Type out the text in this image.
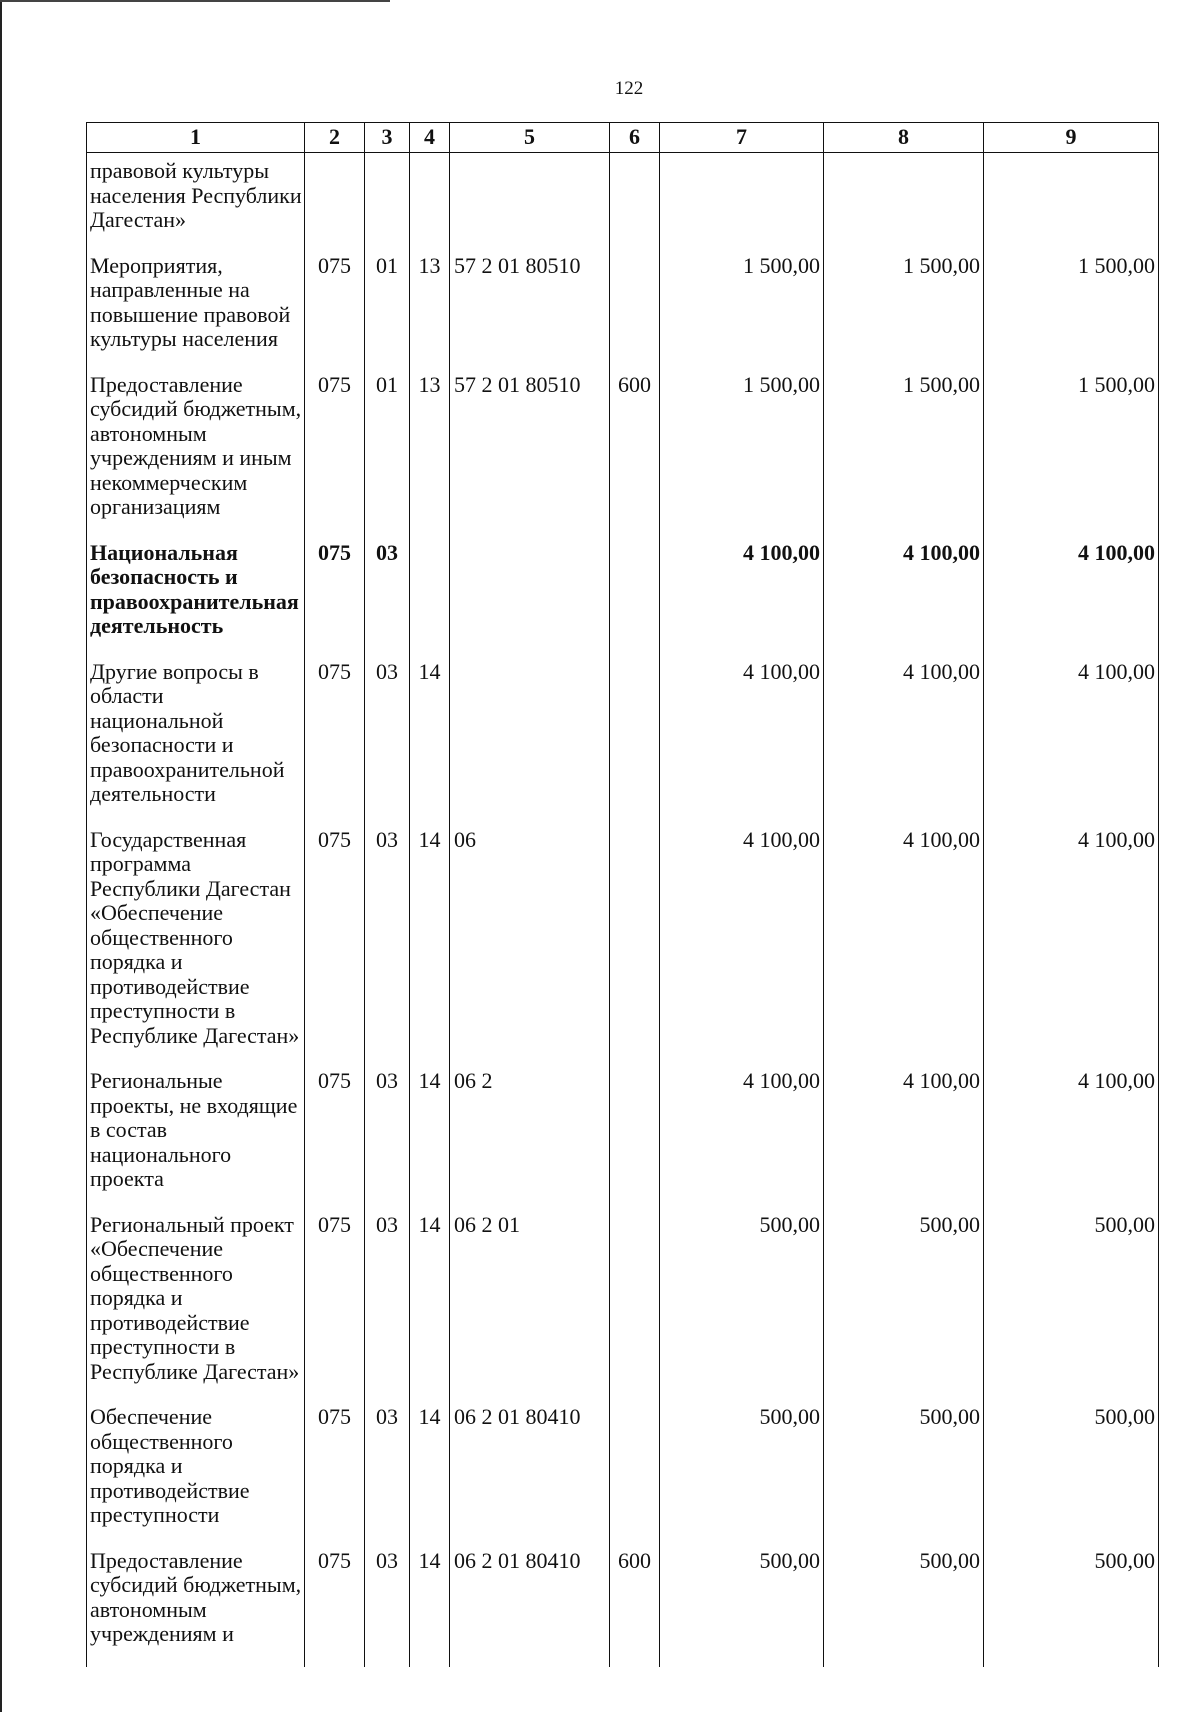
122
1	2	3	4	5	6	7	8	9
правовой культуры населения Республики Дагестан»								
Мероприятия, направленные на повышение правовой культуры населения	075	01	13	57 2 01 80510		1 500,00	1 500,00	1 500,00
Предоставление субсидий бюджетным, автономным учреждениям и иным некоммерческим организациям	075	01	13	57 2 01 80510	600	1 500,00	1 500,00	1 500,00
Национальная безопасность и правоохранительная деятельность	075	03				4 100,00	4 100,00	4 100,00
Другие вопросы в области национальной безопасности и правоохранительной деятельности	075	03	14			4 100,00	4 100,00	4 100,00
Государственная программа Республики Дагестан «Обеспечение общественного порядка и противодействие преступности в Республике Дагестан»	075	03	14	06		4 100,00	4 100,00	4 100,00
Региональные проекты, не входящие в состав национального проекта	075	03	14	06 2		4 100,00	4 100,00	4 100,00
Региональный проект «Обеспечение общественного порядка и противодействие преступности в Республике Дагестан»	075	03	14	06 2 01		500,00	500,00	500,00
Обеспечение общественного порядка и противодействие преступности	075	03	14	06 2 01 80410		500,00	500,00	500,00
Предоставление субсидий бюджетным, автономным учреждениям и	075	03	14	06 2 01 80410	600	500,00	500,00	500,00
